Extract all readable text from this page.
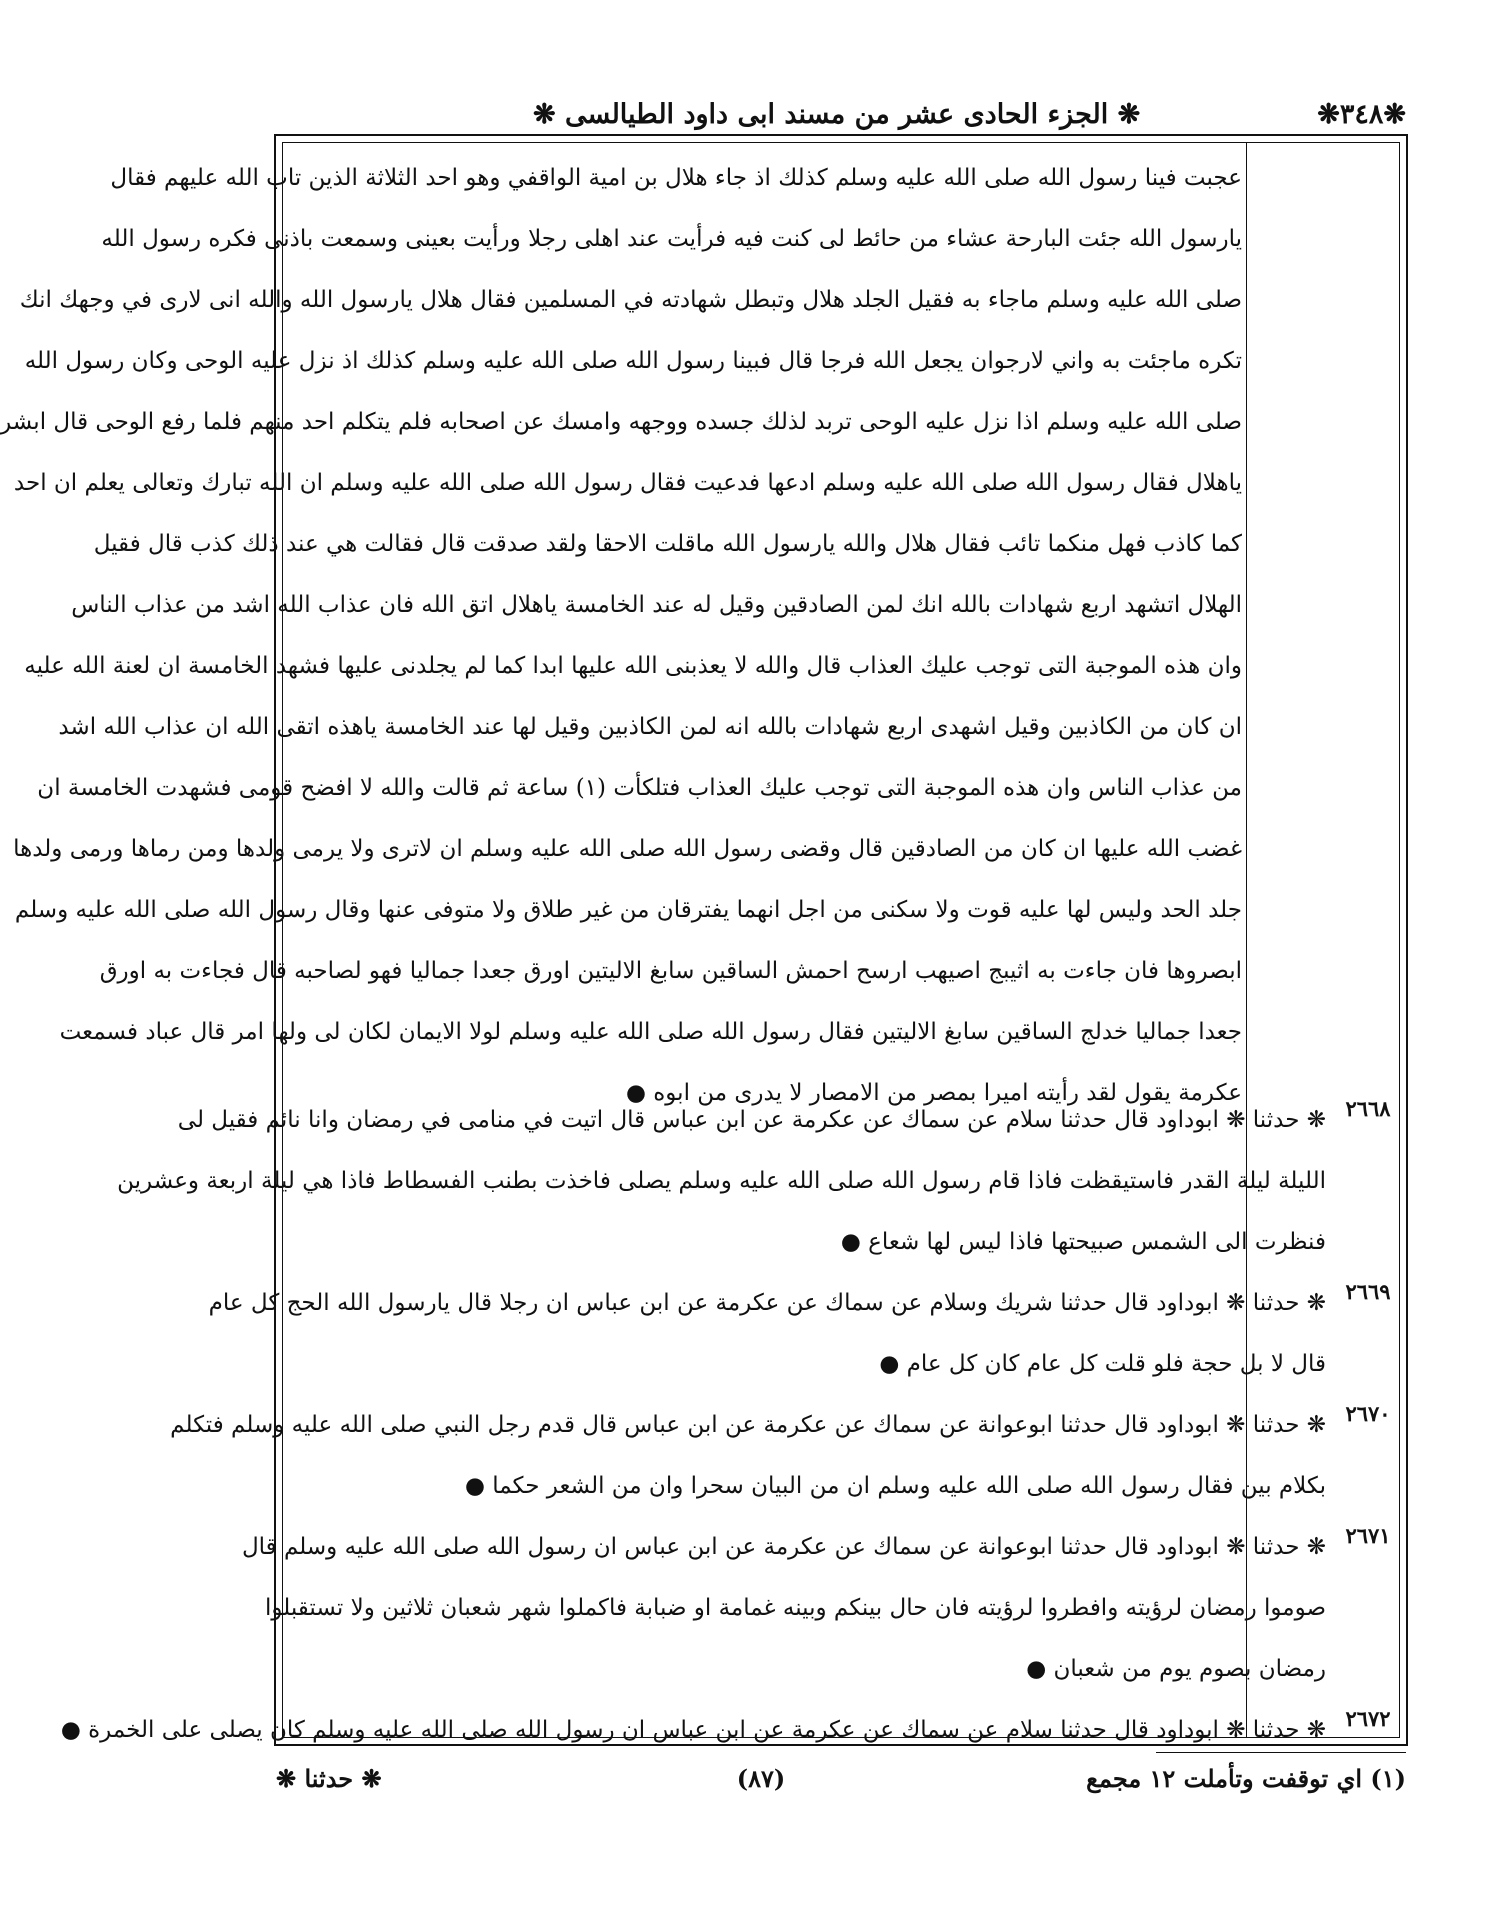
❋٣٤٨❋
❋ الجزء الحادى عشر من مسند ابى داود الطيالسى ❋
عجبت فينا رسول الله صلى الله عليه وسلم كذلك اذ جاء هلال بن امية الواقفي وهو احد الثلاثة الذين تاب الله عليهم فقال
يارسول الله جئت البارحة عشاء من حائط لى كنت فيه فرأيت عند اهلى رجلا ورأيت بعينى وسمعت باذنى فكره رسول الله
صلى الله عليه وسلم ماجاء به فقيل الجلد هلال وتبطل شهادته في المسلمين فقال هلال يارسول الله والله انى لارى في وجهك انك
تكره ماجئت به واني لارجوان يجعل الله فرجا قال فبينا رسول الله صلى الله عليه وسلم كذلك اذ نزل عليه الوحى وكان رسول الله
صلى الله عليه وسلم اذا نزل عليه الوحى تربد لذلك جسده ووجهه وامسك عن اصحابه فلم يتكلم احد منهم فلما رفع الوحى قال ابشر
ياهلال فقال رسول الله صلى الله عليه وسلم ادعها فدعيت فقال رسول الله صلى الله عليه وسلم ان الله تبارك وتعالى يعلم ان احد
كما كاذب فهل منكما تائب فقال هلال والله يارسول الله ماقلت الاحقا ولقد صدقت قال فقالت هي عند ذلك كذب قال فقيل
الهلال اتشهد اربع شهادات بالله انك لمن الصادقين وقيل له عند الخامسة ياهلال اتق الله فان عذاب الله اشد من عذاب الناس
وان هذه الموجبة التى توجب عليك العذاب قال والله لا يعذبنى الله عليها ابدا كما لم يجلدنى عليها فشهد الخامسة ان لعنة الله عليه
ان كان من الكاذبين وقيل اشهدى اربع شهادات بالله انه لمن الكاذبين وقيل لها عند الخامسة ياهذه اتقى الله ان عذاب الله اشد
من عذاب الناس وان هذه الموجبة التى توجب عليك العذاب فتلكأت (١) ساعة ثم قالت والله لا افضح قومى فشهدت الخامسة ان
غضب الله عليها ان كان من الصادقين قال وقضى رسول الله صلى الله عليه وسلم ان لاترى ولا يرمى ولدها ومن رماها ورمى ولدها
جلد الحد وليس لها عليه قوت ولا سكنى من اجل انهما يفترقان من غير طلاق ولا متوفى عنها وقال رسول الله صلى الله عليه وسلم
ابصروها فان جاءت به اثيبج اصيهب ارسح احمش الساقين سابغ الاليتين اورق جعدا جماليا فهو لصاحبه قال فجاءت به اورق
جعدا جماليا خدلج الساقين سابغ الاليتين فقال رسول الله صلى الله عليه وسلم لولا الايمان لكان لى ولها امر قال عباد فسمعت
عكرمة يقول لقد رأيته اميرا بمصر من الامصار لا يدرى من ابوه ●
٢٦٦٨
❋ حدثنا ❋ ابوداود قال حدثنا سلام عن سماك عن عكرمة عن ابن عباس قال اتيت في منامى في رمضان وانا نائم فقيل لى
الليلة ليلة القدر فاستيقظت فاذا قام رسول الله صلى الله عليه وسلم يصلى فاخذت بطنب الفسطاط فاذا هي ليلة اربعة وعشرين
فنظرت الى الشمس صبيحتها فاذا ليس لها شعاع ●
٢٦٦٩
❋ حدثنا ❋ ابوداود قال حدثنا شريك وسلام عن سماك عن عكرمة عن ابن عباس ان رجلا قال يارسول الله الحج كل عام
قال لا بل حجة فلو قلت كل عام كان كل عام ●
٢٦٧٠
❋ حدثنا ❋ ابوداود قال حدثنا ابوعوانة عن سماك عن عكرمة عن ابن عباس قال قدم رجل النبي صلى الله عليه وسلم فتكلم
بكلام بين فقال رسول الله صلى الله عليه وسلم ان من البيان سحرا وان من الشعر حكما ●
٢٦٧١
❋ حدثنا ❋ ابوداود قال حدثنا ابوعوانة عن سماك عن عكرمة عن ابن عباس ان رسول الله صلى الله عليه وسلم قال
صوموا رمضان لرؤيته وافطروا لرؤيته فان حال بينكم وبينه غمامة او ضبابة فاكملوا شهر شعبان ثلاثين ولا تستقبلوا
رمضان بصوم يوم من شعبان ●
٢٦٧٢
❋ حدثنا ❋ ابوداود قال حدثنا سلام عن سماك عن عكرمة عن ابن عباس ان رسول الله صلى الله عليه وسلم كان يصلى على الخمرة ●
(١) اي توقفت وتأملت ١٢ مجمع
(٨٧)
❋ حدثنا ❋
